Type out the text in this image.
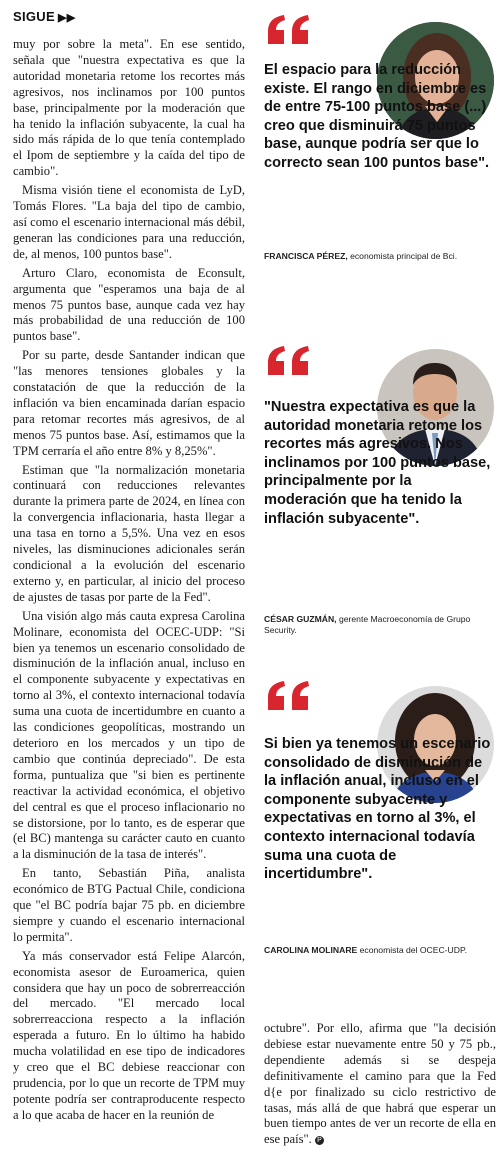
SIGUE ▶▶

muy por sobre la meta". En ese sentido, señala que "nuestra expectativa es que la autoridad monetaria retome los recortes más agresivos, nos inclinamos por 100 puntos base, principalmente por la moderación que ha tenido la inflación subyacente, la cual ha sido más rápida de lo que tenía contemplado el Ipom de septiembre y la caída del tipo de cambio".

Misma visión tiene el economista de LyD, Tomás Flores. "La baja del tipo de cambio, así como el escenario internacional más débil, generan las condiciones para una reducción, de, al menos, 100 puntos base".

Arturo Claro, economista de Econsult, argumenta que "esperamos una baja de al menos 75 puntos base, aunque cada vez hay más probabilidad de una reducción de 100 puntos base".

Por su parte, desde Santander indican que "las menores tensiones globales y la constatación de que la reducción de la inflación va bien encaminada darían espacio para retomar recortes más agresivos, de al menos 75 puntos base. Así, estimamos que la TPM cerraría el año entre 8% y 8,25%".

Estiman que "la normalización monetaria continuará con reducciones relevantes durante la primera parte de 2024, en línea con la convergencia inflacionaria, hasta llegar a una tasa en torno a 5,5%. Una vez en esos niveles, las disminuciones adicionales serán condicional a la evolución del escenario externo y, en particular, al inicio del proceso de ajustes de tasas por parte de la Fed".

Una visión algo más cauta expresa Carolina Molinare, economista del OCEC-UDP: "Si bien ya tenemos un escenario consolidado de disminución de la inflación anual, incluso en el componente subyacente y expectativas en torno al 3%, el contexto internacional todavía suma una cuota de incertidumbre en cuanto a las condiciones geopolíticas, mostrando un deterioro en los mercados y un tipo de cambio que continúa depreciado". De esta forma, puntualiza que "si bien es pertinente reactivar la actividad económica, el objetivo del central es que el proceso inflacionario no se distorsione, por lo tanto, es de esperar que (el BC) mantenga su carácter cauto en cuanto a la disminución de la tasa de interés".

En tanto, Sebastián Piña, analista económico de BTG Pactual Chile, condiciona que "el BC podría bajar 75 pb. en diciembre siempre y cuando el escenario internacional lo permita".

Ya más conservador está Felipe Alarcón, economista asesor de Euroamerica, quien considera que hay un poco de sobrerreacción del mercado. "El mercado local sobrerreacciona respecto a la inflación esperada a futuro. En lo último ha habido mucha volatilidad en ese tipo de indicadores y creo que el BC debiese reaccionar con prudencia, por lo que un recorte de TPM muy potente podría ser contraproducente respecto a lo que acaba de hacer en la reunión de

El espacio para la reducción existe. El rango en diciembre es de entre 75-100 puntos base (...) creo que disminuirá 75 puntos base, aunque podría ser que lo correcto sean 100 puntos base".
FRANCISCA PÉREZ, economista principal de Bci.
"Nuestra expectativa es que la autoridad monetaria retome los recortes más agresivos. Nos inclinamos por 100 puntos base, principalmente por la moderación que ha tenido la inflación subyacente".
CÉSAR GUZMÁN, gerente Macroeconomía de Grupo Security.
Si bien ya tenemos un escenario consolidado de disminución de la inflación anual, incluso en el componente subyacente y expectativas en torno al 3%, el contexto internacional todavía suma una cuota de incertidumbre".
CAROLINA MOLINARE economista del OCEC-UDP.

octubre". Por ello, afirma que "la decisión debiese estar nuevamente entre 50 y 75 pb., dependiente además si se despeja definitivamente el camino para que la Fed d{e por finalizado su ciclo restrictivo de tasas, más allá de que habrá que esperar un buen tiempo antes de ver un recorte de ella en ese país". P
